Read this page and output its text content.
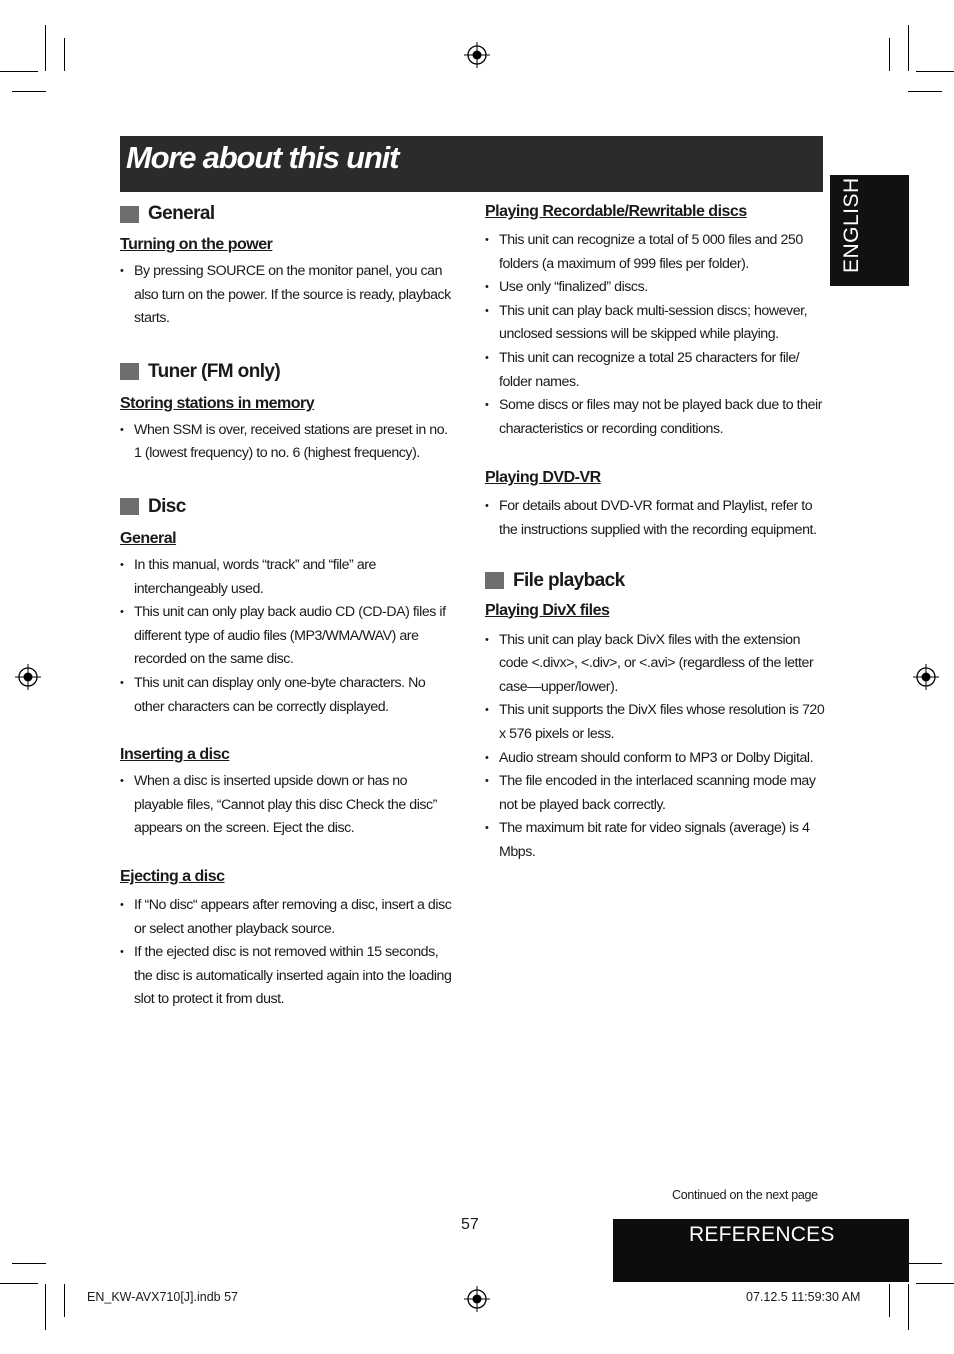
More about this unit
ENGLISH
General
Turning on the power
• By pressing SOURCE on the monitor panel, you can also turn on the power. If the source is ready, playback starts.
Tuner (FM only)
Storing stations in memory
• When SSM is over, received stations are preset in no. 1 (lowest frequency) to no. 6 (highest frequency).
Disc
General
• In this manual, words “track” and “file” are interchangeably used.
• This unit can only play back audio CD (CD-DA) files if different type of audio files (MP3/WMA/WAV) are recorded on the same disc.
• This unit can display only one-byte characters. No other characters can be correctly displayed.
Inserting a disc
• When a disc is inserted upside down or has no playable files, “Cannot play this disc Check the disc” appears on the screen. Eject the disc.
Ejecting a disc
• If “No disc“ appears after removing a disc, insert a disc or select another playback source.
• If the ejected disc is not removed within 15 seconds, the disc is automatically inserted again into the loading slot to protect it from dust.
Playing Recordable/Rewritable discs
• This unit can recognize a total of 5 000 files and 250 folders (a maximum of 999 files per folder).
• Use only “finalized” discs.
• This unit can play back multi-session discs; however, unclosed sessions will be skipped while playing.
• This unit can recognize a total 25 characters for file/ folder names.
• Some discs or files may not be played back due to their characteristics or recording conditions.
Playing DVD-VR
• For details about DVD-VR format and Playlist, refer to the instructions supplied with the recording equipment.
File playback
Playing DivX files
• This unit can play back DivX files with the extension code <.divx>, <.div>, or <.avi> (regardless of the letter case—upper/lower).
• This unit supports the DivX files whose resolution is 720 x 576 pixels or less.
• Audio stream should conform to MP3 or Dolby Digital.
• The file encoded in the interlaced scanning mode may not be played back correctly.
• The maximum bit rate for video signals (average) is 4 Mbps.
Continued on the next page
57	REFERENCES
EN_KW-AVX710[J].indb 57	07.12.5 11:59:30 AM
